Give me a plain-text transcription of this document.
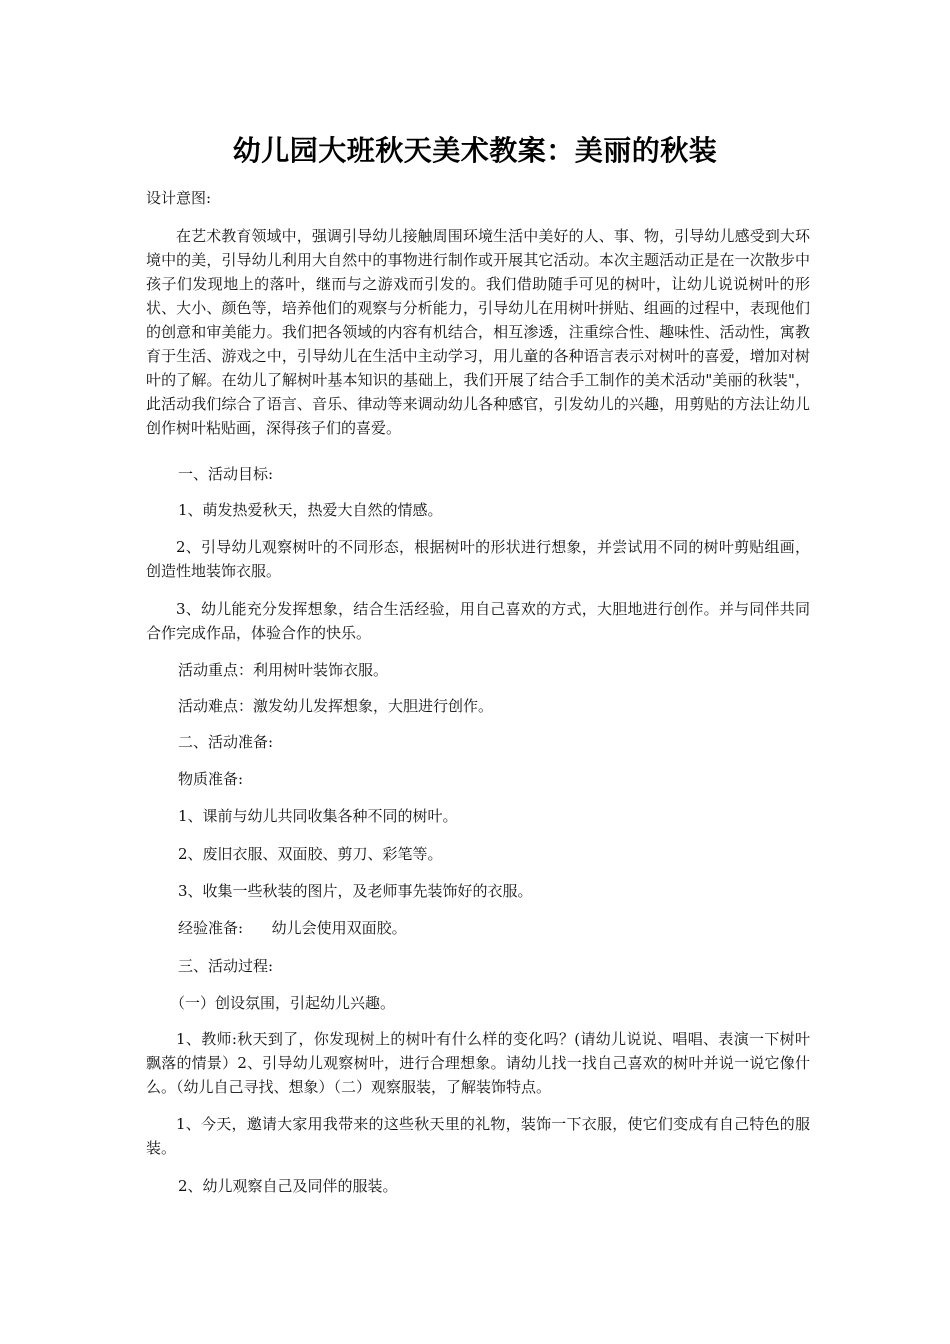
幼儿园大班秋天美术教案：美丽的秋装

设计意图:

在艺术教育领域中，强调引导幼儿接触周围环境生活中美好的人、事、物，引导幼儿感受到大环境中的美，引导幼儿利用大自然中的事物进行制作或开展其它活动。本次主题活动正是在一次散步中孩子们发现地上的落叶，继而与之游戏而引发的。我们借助随手可见的树叶，让幼儿说说树叶的形状、大小、颜色等，培养他们的观察与分析能力，引导幼儿在用树叶拼贴、组画的过程中，表现他们的创意和审美能力。我们把各领域的内容有机结合，相互渗透，注重综合性、趣味性、活动性，寓教育于生活、游戏之中，引导幼儿在生活中主动学习，用儿童的各种语言表示对树叶的喜爱，增加对树叶的了解。在幼儿了解树叶基本知识的基础上，我们开展了结合手工制作的美术活动"美丽的秋装"，此活动我们综合了语言、音乐、律动等来调动幼儿各种感官，引发幼儿的兴趣，用剪贴的方法让幼儿创作树叶粘贴画，深得孩子们的喜爱。

一、活动目标:

1、萌发热爱秋天，热爱大自然的情感。

2、引导幼儿观察树叶的不同形态，根据树叶的形状进行想象，并尝试用不同的树叶剪贴组画，创造性地装饰衣服。

3、幼儿能充分发挥想象，结合生活经验，用自己喜欢的方式，大胆地进行创作。并与同伴共同合作完成作品，体验合作的快乐。

活动重点：利用树叶装饰衣服。

活动难点：激发幼儿发挥想象，大胆进行创作。

二、活动准备:

物质准备:

1、课前与幼儿共同收集各种不同的树叶。

2、废旧衣服、双面胶、剪刀、彩笔等。

3、收集一些秋装的图片，及老师事先装饰好的衣服。

经验准备:      幼儿会使用双面胶。

三、活动过程:

（一）创设氛围，引起幼儿兴趣。

1、教师:秋天到了，你发现树上的树叶有什么样的变化吗？(请幼儿说说、唱唱、表演一下树叶飘落的情景）2、引导幼儿观察树叶，进行合理想象。请幼儿找一找自己喜欢的树叶并说一说它像什么。（幼儿自己寻找、想象）（二）观察服装，了解装饰特点。

1、今天，邀请大家用我带来的这些秋天里的礼物，装饰一下衣服，使它们变成有自己特色的服装。

2、幼儿观察自己及同伴的服装。
